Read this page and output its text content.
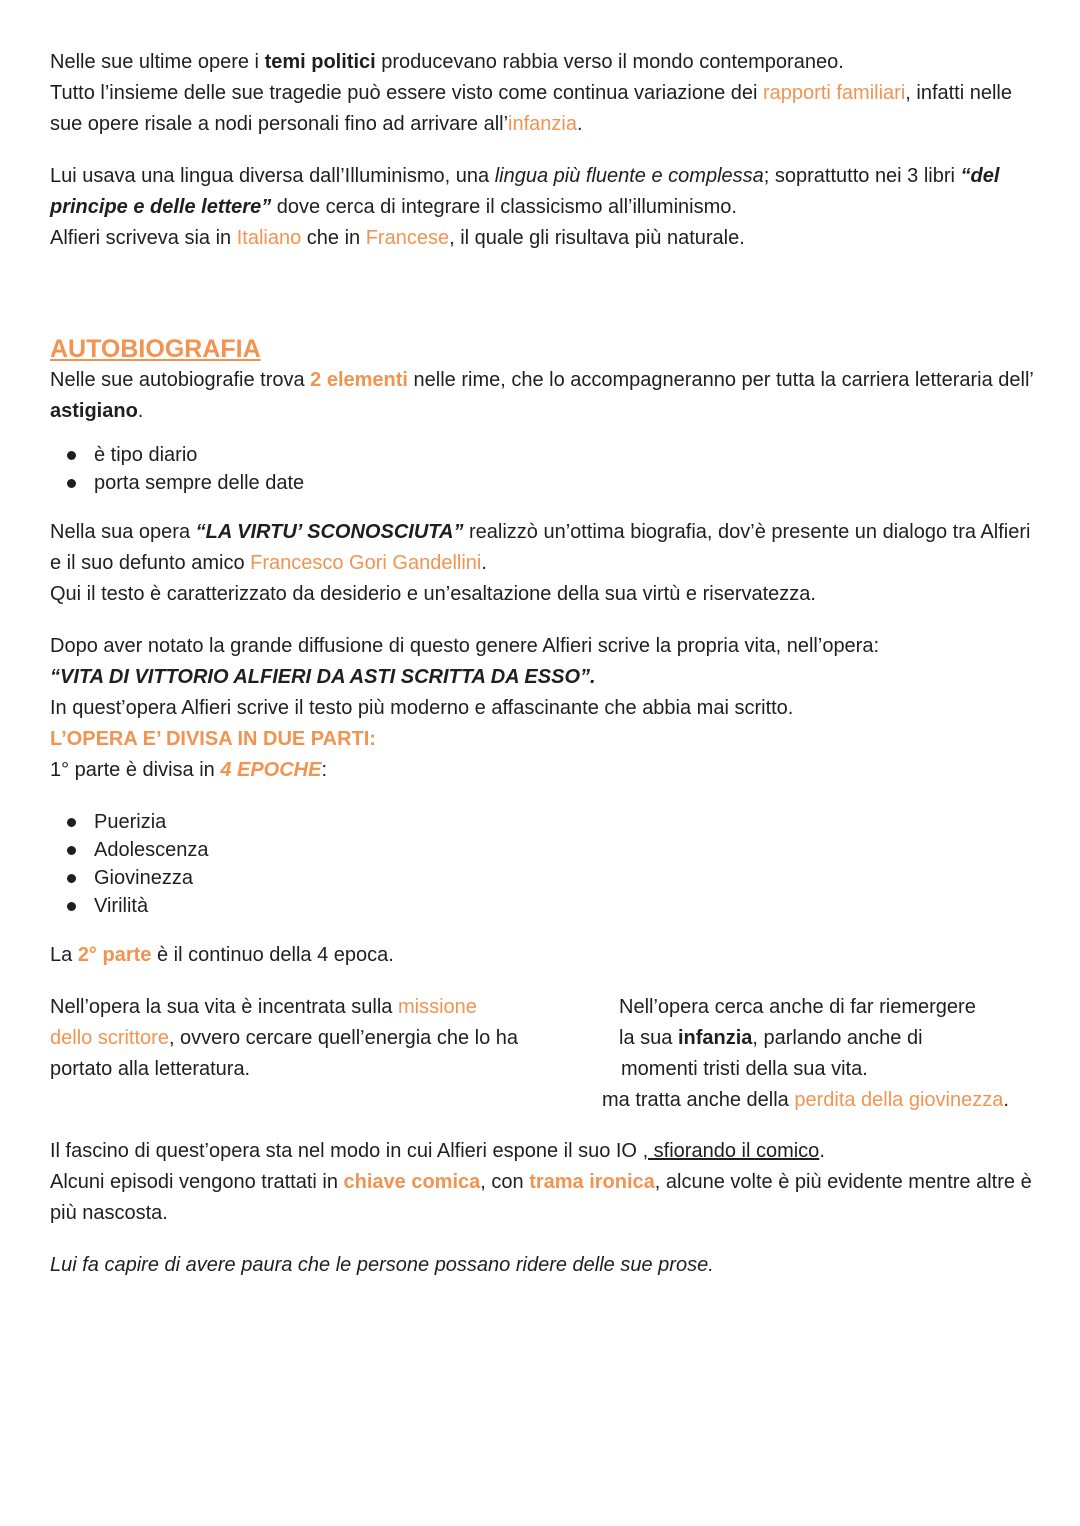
Nelle sue ultime opere i temi politici producevano rabbia verso il mondo contemporaneo.

Tutto l’insieme delle sue tragedie può essere visto come continua variazione dei rapporti familiari, infatti nelle sue opere risale a nodi personali fino ad arrivare all’infanzia.

Lui usava una lingua diversa dall’Illuminismo, una lingua più fluente e complessa; soprattutto nei 3 libri “del principe e delle lettere” dove cerca di integrare il classicismo all’illuminismo.

Alfieri scriveva sia in Italiano che in Francese, il quale gli risultava più naturale.

AUTOBIOGRAFIA

Nelle sue autobiografie trova 2 elementi nelle rime, che lo accompagneranno per tutta la carriera letteraria dell’ astigiano.

è tipo diario
porta sempre delle date

Nella sua opera “LA VIRTU’ SCONOSCIUTA” realizzò un’ottima biografia, dov’è presente un dialogo tra Alfieri e il suo defunto amico Francesco Gori Gandellini.

Qui il testo è caratterizzato da desiderio e un’esaltazione della sua virtù e riservatezza.

Dopo aver notato la grande diffusione di questo genere Alfieri scrive la propria vita, nell’opera:

“VITA DI VITTORIO ALFIERI DA ASTI SCRITTA DA ESSO”.

In quest’opera Alfieri scrive il testo più moderno e affascinante che abbia mai scritto.

L’OPERA E’ DIVISA IN DUE PARTI:

1° parte è divisa in 4 EPOCHE:

Puerizia
Adolescenza
Giovinezza
Virilità

La 2° parte è il continuo della 4 epoca.

Nell’opera la sua vita è incentrata sulla missione dello scrittore, ovvero cercare quell’energia che lo ha portato alla letteratura.

Nell’opera cerca anche di far riemergere

la sua infanzia, parlando anche di

momenti tristi della sua vita.

ma tratta anche della perdita della giovinezza.

Il fascino di quest’opera sta nel modo in cui Alfieri espone il suo IO , sfiorando il comico.

Alcuni episodi vengono trattati in chiave comica, con trama ironica, alcune volte è più evidente mentre altre è più nascosta.

Lui fa capire di avere paura che le persone possano ridere delle sue prose.
